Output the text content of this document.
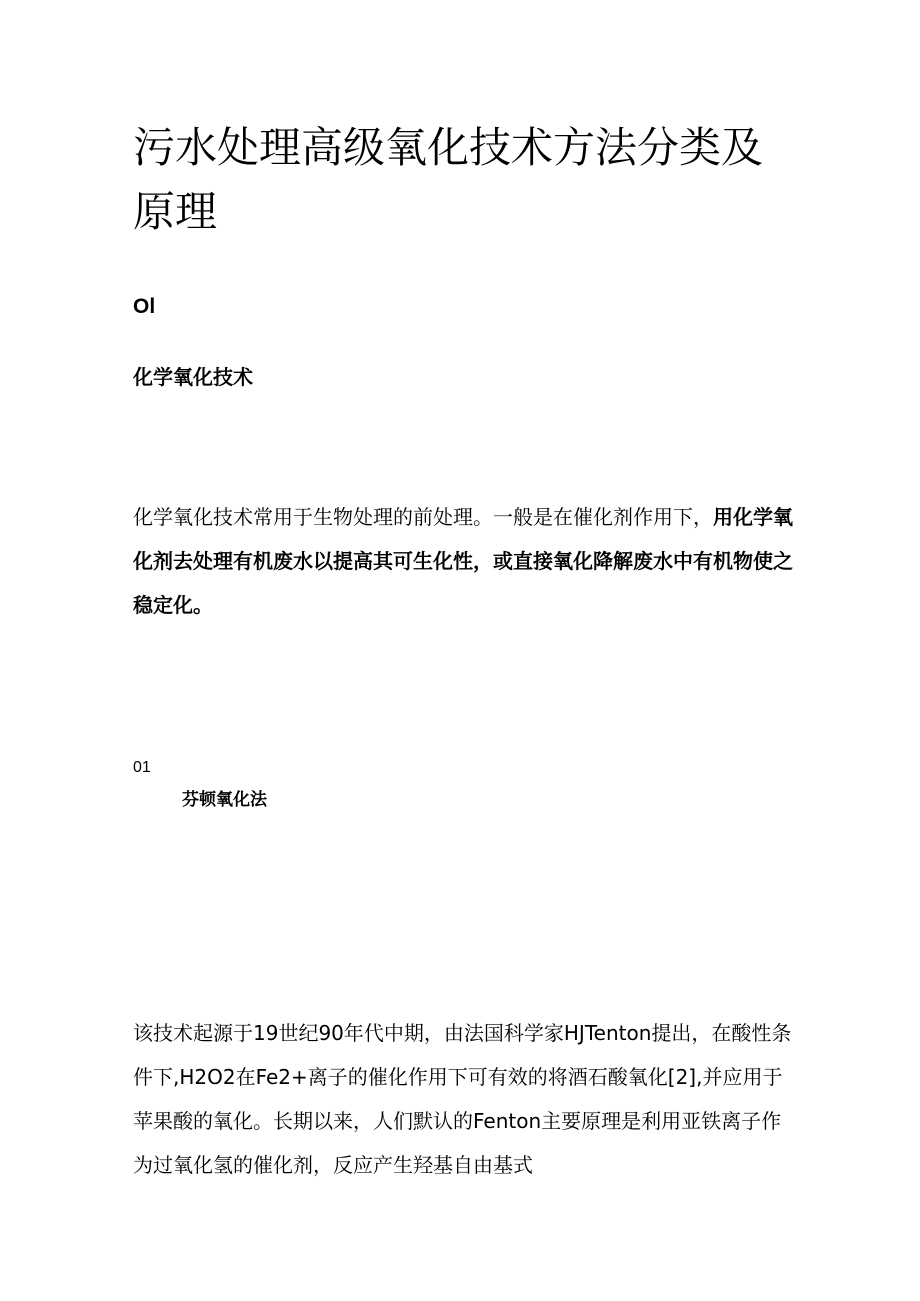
污水处理高级氧化技术方法分类及原理

Ol

化学氧化技术

化学氧化技术常用于生物处理的前处理。一般是在催化剂作用下，用化学氧化剂去处理有机废水以提高其可生化性，或直接氧化降解废水中有机物使之稳定化。

01

芬顿氧化法

该技术起源于19世纪90年代中期，由法国科学家HJTenton提出，在酸性条件下,H2O2在Fe2+离子的催化作用下可有效的将酒石酸氧化[2],并应用于苹果酸的氧化。长期以来，人们默认的Fenton主要原理是利用亚铁离子作为过氧化氢的催化剂，反应产生羟基自由基式
